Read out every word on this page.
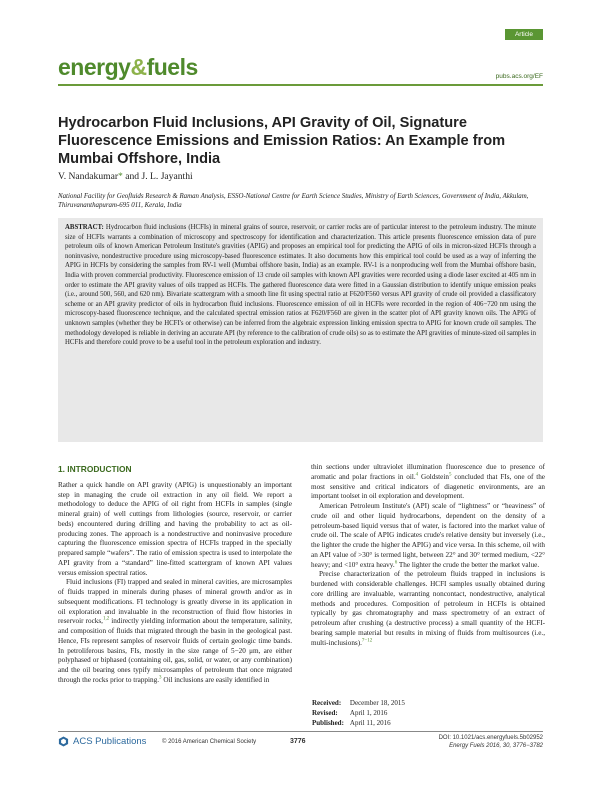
Article
energy&fuels	pubs.acs.org/EF
Hydrocarbon Fluid Inclusions, API Gravity of Oil, Signature Fluorescence Emissions and Emission Ratios: An Example from Mumbai Offshore, India
V. Nandakumar* and J. L. Jayanthi
National Facility for Geofluids Research & Raman Analysis, ESSO-National Centre for Earth Science Studies, Ministry of Earth Sciences, Government of India, Akkulam, Thiruvananthapuram-695 011, Kerala, India
ABSTRACT: Hydrocarbon fluid inclusions (HCFIs) in mineral grains of source, reservoir, or carrier rocks are of particular interest to the petroleum industry. The minute size of HCFIs warrants a combination of microscopy and spectroscopy for identification and characterization. This article presents fluorescence emission data of pure petroleum oils of known American Petroleum Institute's gravities (APIG) and proposes an empirical tool for predicting the APIG of oils in micron-sized HCFIs through a noninvasive, nondestructive procedure using microscopy-based fluorescence estimates. It also documents how this empirical tool could be used as a way of inferring the APIG in HCFIs by considering the samples from RV-1 well (Mumbai offshore basin, India) as an example. RV-1 is a nonproducing well from the Mumbai offshore basin, India with proven commercial productivity. Fluorescence emission of 13 crude oil samples with known API gravities were recorded using a diode laser excited at 405 nm in order to estimate the API gravity values of oils trapped as HCFIs. The gathered fluorescence data were fitted in a Gaussian distribution to identify unique emission peaks (i.e., around 500, 560, and 620 nm). Bivariate scattergram with a smooth line fit using spectral ratio at F620/F560 versus API gravity of crude oil provided a classificatory scheme or an API gravity predictor of oils in hydrocarbon fluid inclusions. Fluorescence emission of oil in HCFIs were recorded in the region of 406−720 nm using the microscopy-based fluorescence technique, and the calculated spectral emission ratios at F620/F560 are given in the scatter plot of API gravity known oils. The APIG of unknown samples (whether they be HCFI's or otherwise) can be inferred from the algebraic expression linking emission spectra to APIG for known crude oil samples. The methodology developed is reliable in deriving an accurate API (by reference to the calibration of crude oils) so as to estimate the API gravities of minute-sized oil samples in HCFIs and therefore could prove to be a useful tool in the petroleum exploration and industry.
1. INTRODUCTION

Rather a quick handle on API gravity (APIG) is unquestionably an important step in managing the crude oil extraction in any oil field. We report a methodology to deduce the APIG of oil right from HCFIs in samples (single mineral grain) of well cuttings from lithologies (source, reservoir, or carrier beds) encountered during drilling and having the probability to act as oil-producing zones. The approach is a nondestructive and noninvasive procedure capturing the fluorescence emission spectra of HCFIs trapped in the specially prepared sample “wafers”. The ratio of emission spectra is used to interpolate the API gravity from a “standard” line-fitted scattergram of known API values versus emission spectral ratios.

Fluid inclusions (FI) trapped and sealed in mineral cavities, are microsamples of fluids trapped in minerals during phases of mineral growth and/or as in subsequent modifications. FI technology is greatly diverse in its application in oil exploration and invaluable in the reconstruction of fluid flow histories in reservoir rocks,$^{1,2}$ indirectly yielding information about the temperature, salinity, and composition of fluids that migrated through the basin in the geological past. Hence, FIs represent samples of reservoir fluids of certain geologic time bands. In petroliferous basins, FIs, mostly in the size range of 5−20 μm, are either polyphased or biphased (containing oil, gas, solid, or water, or any combination) and the oil bearing ones typify microsamples of petroleum that once migrated through the rocks prior to trapping.$^3$ Oil inclusions are easily identified in

thin sections under ultraviolet illumination fluorescence due to presence of aromatic and polar fractions in oil.$^4$ Goldstein$^5$ concluded that FIs, one of the most sensitive and critical indicators of diagenetic environments, are an important toolset in oil exploration and development.

American Petroleum Institute's (API) scale of “lightness” or “heaviness” of crude oil and other liquid hydrocarbons, dependent on the density of a petroleum-based liquid versus that of water, is factored into the market value of crude oil. The scale of APIG indicates crude's relative density but inversely (i.e., the lighter the crude the higher the APIG) and vice versa. In this scheme, oil with an API value of >30° is termed light, between 22° and 30° termed medium, <22° heavy; and <10° extra heavy.$^6$ The lighter the crude the better the market value.

Precise characterization of the petroleum fluids trapped in inclusions is burdened with considerable challenges. HCFI samples usually obtained during core drilling are invaluable, warranting noncontact, nondestructive, analytical methods and procedures. Composition of petroleum in HCFIs is obtained typically by gas chromatography and mass spectrometry of an extract of petroleum after crushing (a destructive process) a small quantity of the HCFI-bearing sample material but results in mixing of fluids from multisources (i.e., multi-inclusions).$^{7-12}$

Received:	December 18, 2015
Revised:	April 1, 2016
Published:	April 11, 2016
ACS Publications	© 2016 American Chemical Society	3776	DOI: 10.1021/acs.energyfuels.5b02952
Energy Fuels 2016, 30, 3776−3782
